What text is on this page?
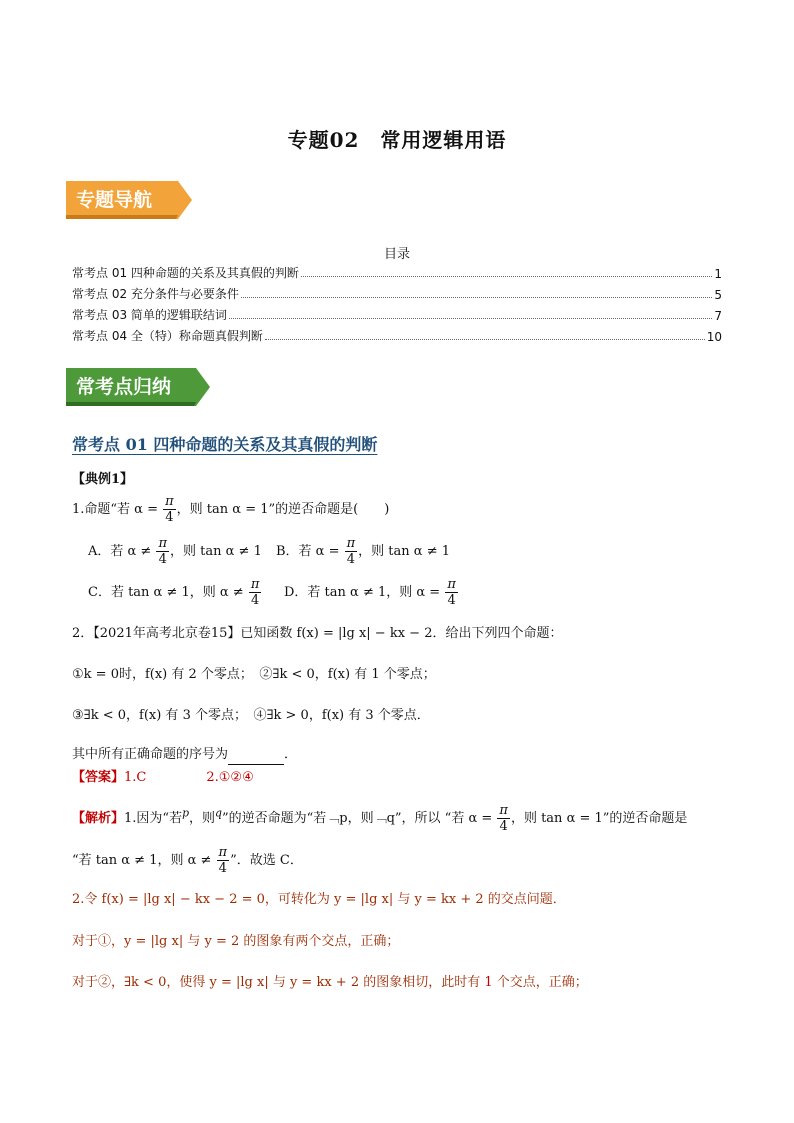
专题02　常用逻辑用语
专题导航
目录
常考点 01 四种命题的关系及其真假的判断	1
常考点 02 充分条件与必要条件	5
常考点 03 简单的逻辑联结词	7
常考点 04 全（特）称命题真假判断	10
常考点归纳
常考点 01 四种命题的关系及其真假的判断
【典例1】
1.命题“若 $\alpha = \frac{\pi}{4}$ ，则 tan α = 1”的逆否命题是(　　)
A．若 $\alpha \ne \frac{\pi}{4}$ ，则 tan α ≠ 1 B．若 $\alpha = \frac{\pi}{4}$ ，则 tan α ≠ 1
C．若 tan α ≠ 1，则 $\alpha \ne \frac{\pi}{4}$ D．若 tan α ≠ 1，则 $\alpha = \frac{\pi}{4}$
2．【2021年高考北京卷15】已知函数 f(x) = |lg x| − kx − 2．给出下列四个命题：
①k = 0时，f(x) 有 2 个零点；　②∃k < 0，f(x) 有 1 个零点；
③∃k < 0，f(x) 有 3 个零点；　④∃k > 0，f(x) 有 3 个零点．
其中所有正确命题的序号为	．
【答案】1.C	2.①②④
【解析】1.因为“若$^p$，则$^q$”的逆否命题为“若﹁p，则﹁q”，所以 “若 $\alpha = \frac{\pi}{4}$ ，则 tan α = 1”的逆否命题是
“若 tan α ≠ 1，则 $\alpha \ne \frac{\pi}{4}$ ”．故选 C．
2.令 f(x) = |lg x| − kx − 2 = 0，可转化为 y = |lg x| 与 y = kx + 2 的交点问题．
对于①，y = |lg x| 与 y = 2 的图象有两个交点，正确；
对于②，∃k < 0，使得 y = |lg x| 与 y = kx + 2 的图象相切，此时有 1 个交点，正确；
